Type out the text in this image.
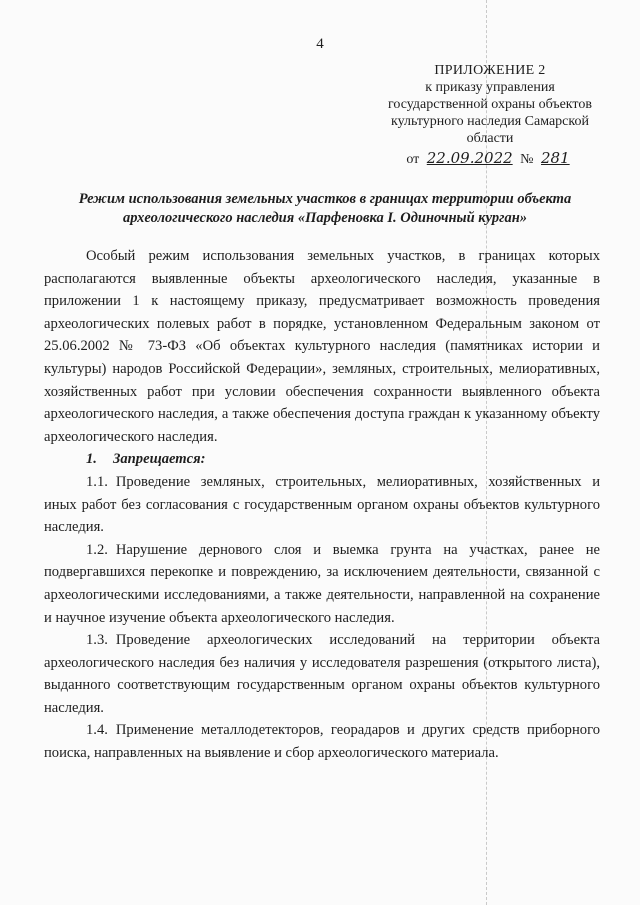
4
ПРИЛОЖЕНИЕ 2
к приказу управления
государственной охраны объектов
культурного наследия Самарской
области
от 22.09.2022 № 281
Режим использования земельных участков в границах территории объекта археологического наследия «Парфеновка I. Одиночный курган»

Особый режим использования земельных участков, в границах которых располагаются выявленные объекты археологического наследия, указанные в приложении 1 к настоящему приказу, предусматривает возможность проведения археологических полевых работ в порядке, установленном Федеральным законом от 25.06.2002 № 73-ФЗ «Об объектах культурного наследия (памятниках истории и культуры) народов Российской Федерации», земляных, строительных, мелиоративных, хозяйственных работ при условии обеспечения сохранности выявленного объекта археологического наследия, а также обеспечения доступа граждан к указанному объекту археологического наследия.

1. Запрещается:

1.1. Проведение земляных, строительных, мелиоративных, хозяйственных и иных работ без согласования с государственным органом охраны объектов культурного наследия.

1.2. Нарушение дернового слоя и выемка грунта на участках, ранее не подвергавшихся перекопке и повреждению, за исключением деятельности, связанной с археологическими исследованиями, а также деятельности, направленной на сохранение и научное изучение объекта археологического наследия.

1.3. Проведение археологических исследований на территории объекта археологического наследия без наличия у исследователя разрешения (открытого листа), выданного соответствующим государственным органом охраны объектов культурного наследия.

1.4. Применение металлодетекторов, георадаров и других средств приборного поиска, направленных на выявление и сбор археологического материала.
